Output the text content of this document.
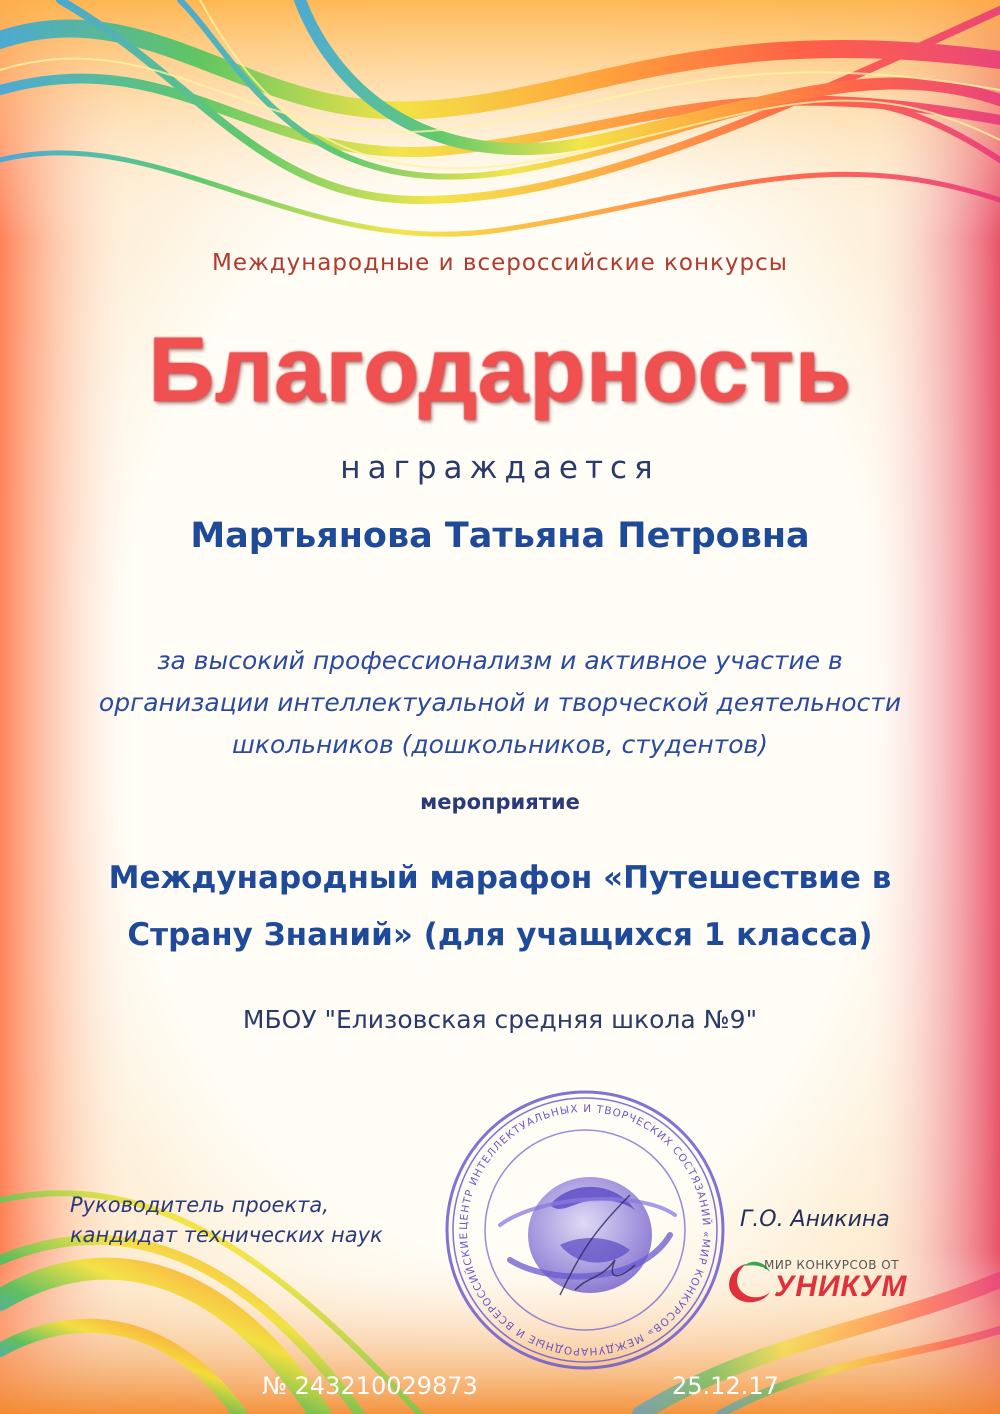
Международные и всероссийские конкурсы
Благодарность
награждается
Мартьянова Татьяна Петровна
за высокий профессионализм и активное участие в
организации интеллектуальной и творческой деятельности
школьников (дошкольников, студентов)
мероприятие
Международный марафон «Путешествие в
Страну Знаний» (для учащихся 1 класса)
МБОУ "Елизовская средняя школа №9"
ЦЕНТР ИНТЕЛЛЕКТУАЛЬНЫХ И ТВОРЧЕСКИХ СОСТЯЗАНИЙ «МИР КОНКУРСОВ» МЕЖДУНАРОДНЫЕ И ВСЕРОССИЙСКИЕ
Руководитель проекта,
кандидат технических наук
Г.О. Аникина
МИР КОНКУРСОВ ОТ
УНИКУМ
№ 243210029873	25.12.17
